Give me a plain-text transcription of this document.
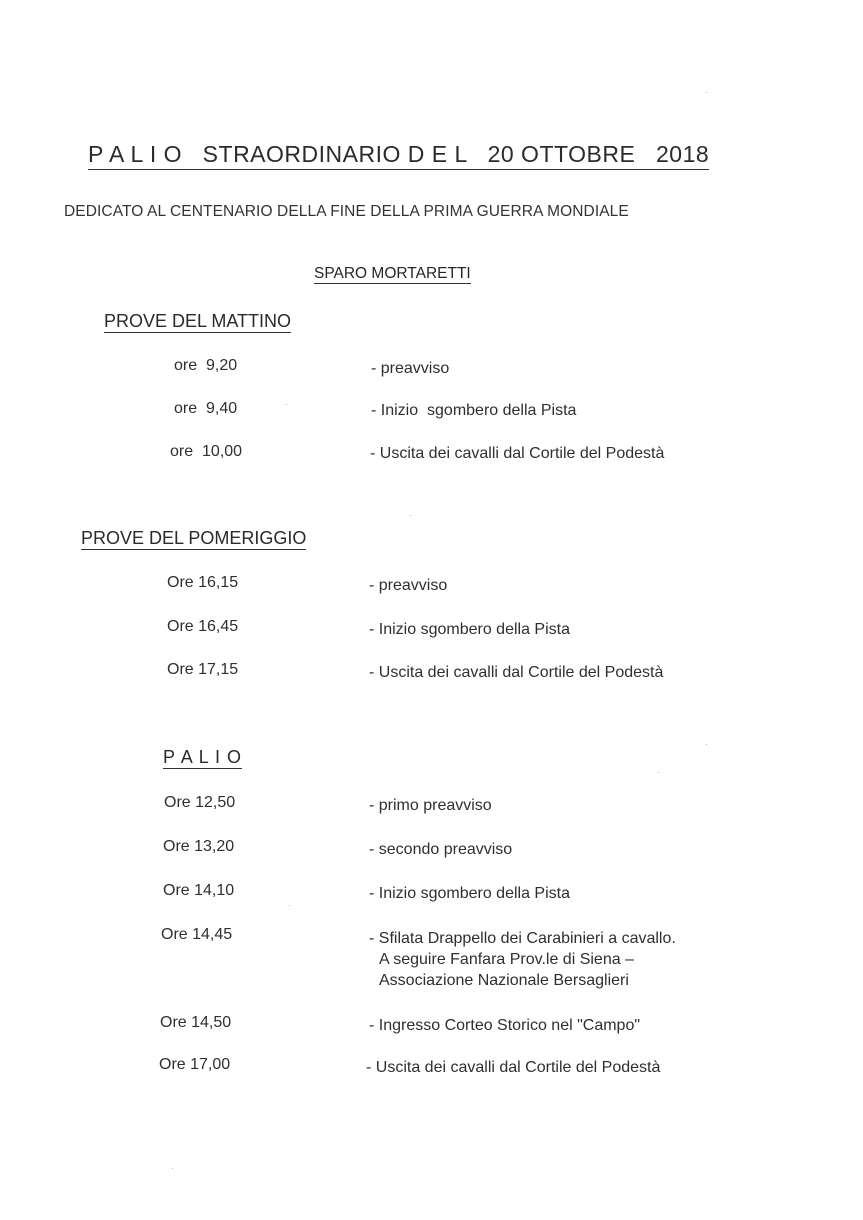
P A L I O   STRAORDINARIO D E L   20 OTTOBRE   2018
DEDICATO AL CENTENARIO DELLA FINE DELLA PRIMA GUERRA MONDIALE
SPARO MORTARETTI
PROVE DEL MATTINO
ore  9,20	- preavviso
ore  9,40	- Inizio  sgombero della Pista
ore  10,00	- Uscita dei cavalli dal Cortile del Podestà
PROVE DEL POMERIGGIO
Ore 16,15	- preavviso
Ore 16,45	- Inizio sgombero della Pista
Ore 17,15	- Uscita dei cavalli dal Cortile del Podestà
P A L I O
Ore 12,50	- primo preavviso
Ore 13,20	- secondo preavviso
Ore 14,10	- Inizio sgombero della Pista
Ore 14,45	- Sfilata Drappello dei Carabinieri a cavallo.
A seguire Fanfara Prov.le di Siena –
Associazione Nazionale Bersaglieri
Ore 14,50	- Ingresso Corteo Storico nel "Campo"
Ore 17,00	- Uscita dei cavalli dal Cortile del Podestà
